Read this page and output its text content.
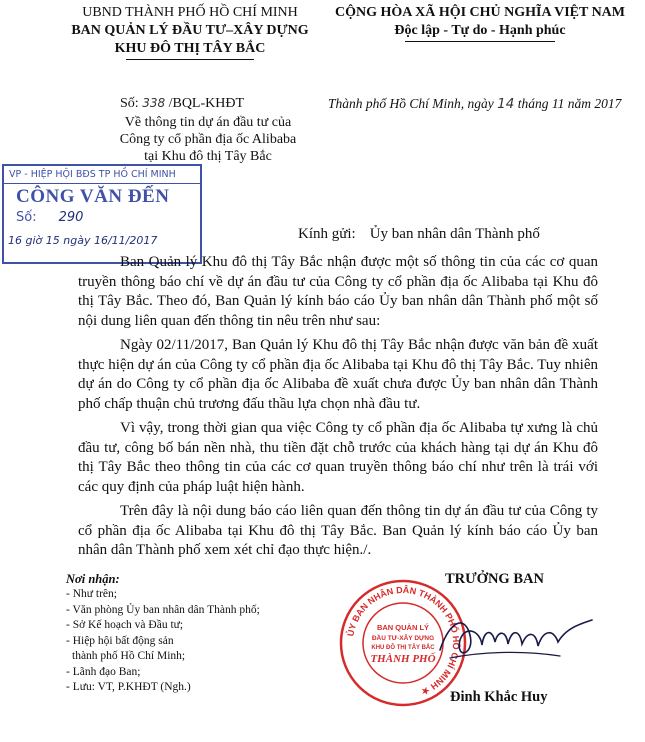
UBND THÀNH PHỐ HỒ CHÍ MINH
BAN QUẢN LÝ ĐẦU TƯ–XÂY DỰNG
KHU ĐÔ THỊ TÂY BẮC
CỘNG HÒA XÃ HỘI CHỦ NGHĨA VIỆT NAM
Độc lập - Tự do - Hạnh phúc
Số: 338 /BQL-KHĐT	Thành phố Hồ Chí Minh, ngày 14 tháng 11 năm 2017
Về thông tin dự án đầu tư của
Công ty cổ phần địa ốc Alibaba
tại Khu đô thị Tây Bắc
VP - HIỆP HỘI BĐS TP HỒ CHÍ MINH
CÔNG VĂN ĐẾN
Số: 290
16 giờ 15 ngày 16/11/2017	Kính gửi: Ủy ban nhân dân Thành phố

Ban Quản lý Khu đô thị Tây Bắc nhận được một số thông tin của các cơ quan truyền thông báo chí về dự án đầu tư của Công ty cổ phần địa ốc Alibaba tại Khu đô thị Tây Bắc. Theo đó, Ban Quản lý kính báo cáo Ủy ban nhân dân Thành phố một số nội dung liên quan đến thông tin nêu trên như sau:

Ngày 02/11/2017, Ban Quản lý Khu đô thị Tây Bắc nhận được văn bản đề xuất thực hiện dự án của Công ty cổ phần địa ốc Alibaba tại Khu đô thị Tây Bắc. Tuy nhiên dự án do Công ty cổ phần địa ốc Alibaba đề xuất chưa được Ủy ban nhân dân Thành phố chấp thuận chủ trương đấu thầu lựa chọn nhà đầu tư.

Vì vậy, trong thời gian qua việc Công ty cổ phần địa ốc Alibaba tự xưng là chủ đầu tư, công bố bán nền nhà, thu tiền đặt chỗ trước của khách hàng tại dự án Khu đô thị Tây Bắc theo thông tin của các cơ quan truyền thông báo chí như trên là trái với các quy định của pháp luật hiện hành.

Trên đây là nội dung báo cáo liên quan đến thông tin dự án đầu tư của Công ty cổ phần địa ốc Alibaba tại Khu đô thị Tây Bắc. Ban Quản lý kính báo cáo Ủy ban nhân dân Thành phố xem xét chỉ đạo thực hiện./.

Nơi nhận:
- Như trên;
- Văn phòng Ủy ban nhân dân Thành phố;
- Sở Kế hoạch và Đầu tư;
- Hiệp hội bất động sản
thành phố Hồ Chí Minh;
- Lãnh đạo Ban;
- Lưu: VT, P.KHĐT (Ngh.)
TRƯỞNG BAN
ỦY BAN NHÂN DÂN THÀNH PHỐ HỒ CHÍ MINH ★
BAN QUẢN LÝ
ĐẦU TƯ-XÂY DỰNG
KHU ĐÔ THỊ TÂY BẮC
THÀNH PHỐ
Đinh Khắc Huy
